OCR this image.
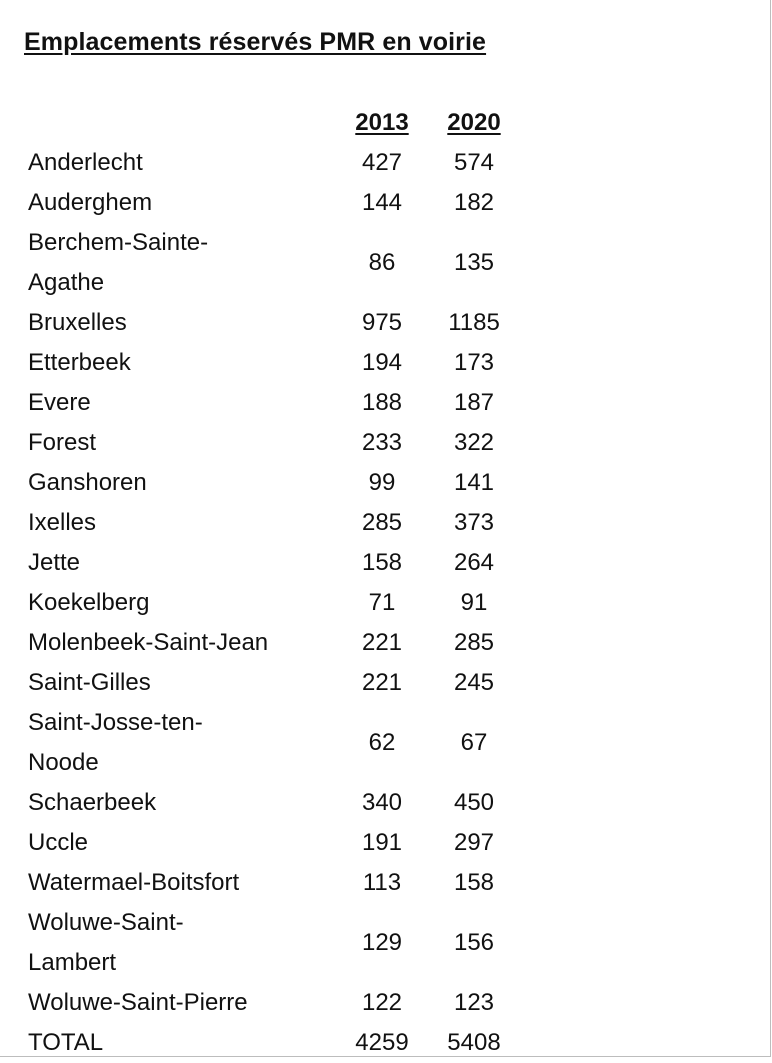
Emplacements réservés PMR en voirie
	2013	2020
Anderlecht	427	574
Auderghem	144	182
Berchem-Sainte-
Agathe	86	135
Bruxelles	975	1185
Etterbeek	194	173
Evere	188	187
Forest	233	322
Ganshoren	99	141
Ixelles	285	373
Jette	158	264
Koekelberg	71	91
Molenbeek-Saint-Jean	221	285
Saint-Gilles	221	245
Saint-Josse-ten-
Noode	62	67
Schaerbeek	340	450
Uccle	191	297
Watermael-Boitsfort	113	158
Woluwe-Saint-
Lambert	129	156
Woluwe-Saint-Pierre	122	123
TOTAL	4259	5408
